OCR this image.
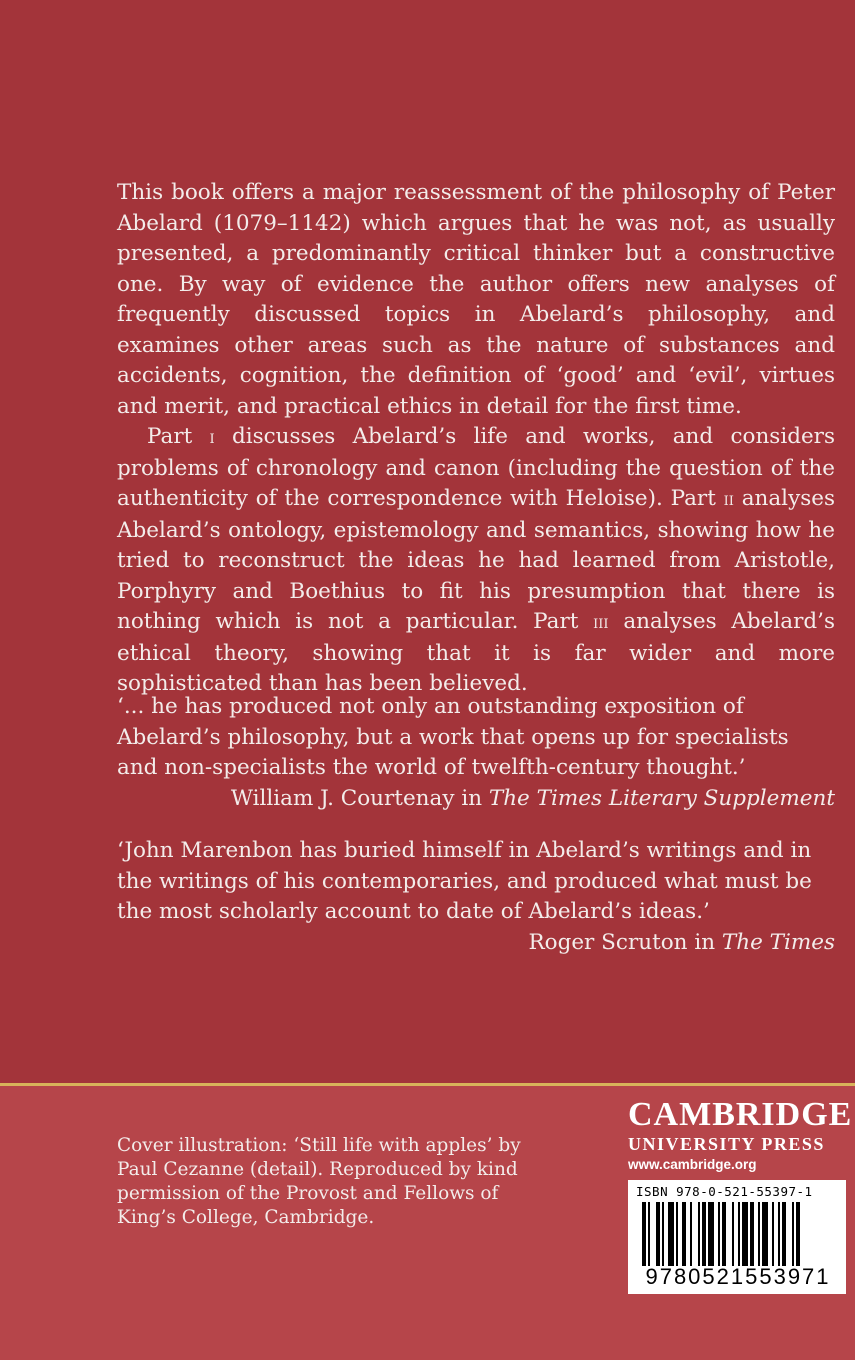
This book offers a major reassessment of the philosophy of Peter Abelard (1079–1142) which argues that he was not, as usually presented, a predominantly critical thinker but a constructive one. By way of evidence the author offers new analyses of frequently discussed topics in Abelard’s philosophy, and examines other areas such as the nature of substances and accidents, cognition, the definition of ‘good’ and ‘evil’, virtues and merit, and practical ethics in detail for the first time.

Part i discusses Abelard’s life and works, and considers problems of chronology and canon (including the question of the authenticity of the correspondence with Heloise). Part ii analyses Abelard’s ontology, epistemology and semantics, showing how he tried to reconstruct the ideas he had learned from Aristotle, Porphyry and Boethius to fit his presumption that there is nothing which is not a particular. Part iii analyses Abelard’s ethical theory, showing that it is far wider and more sophisticated than has been believed.

‘... he has produced not only an outstanding exposition of Abelard’s philosophy, but a work that opens up for specialists and non-specialists the world of twelfth-century thought.’

William J. Courtenay in The Times Literary Supplement

‘John Marenbon has buried himself in Abelard’s writings and in the writings of his contemporaries, and produced what must be the most scholarly account to date of Abelard’s ideas.’

Roger Scruton in The Times

Cover illustration: ‘Still life with apples’ by

Paul Cezanne (detail). Reproduced by kind

permission of the Provost and Fellows of

King’s College, Cambridge.

CAMBRIDGE

UNIVERSITY PRESS

www.cambridge.org

ISBN 978-0-521-55397-1
9780521553971
